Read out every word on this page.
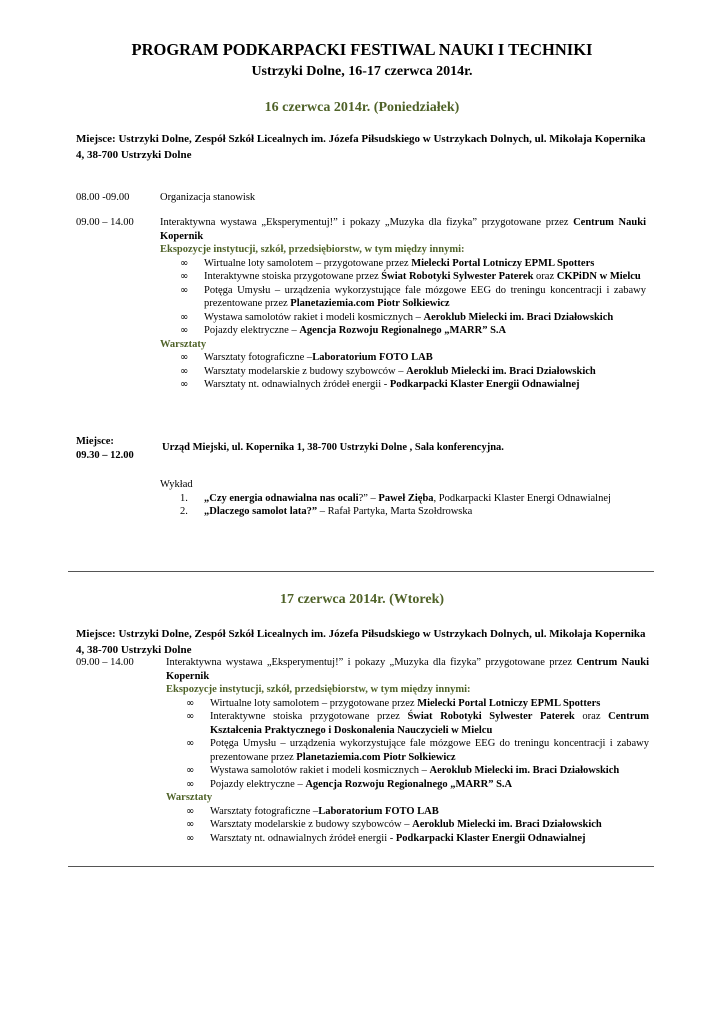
PROGRAM PODKARPACKI FESTIWAL NAUKI I TECHNIKI
Ustrzyki Dolne, 16-17 czerwca 2014r.
16 czerwca 2014r. (Poniedziałek)
Miejsce: Ustrzyki Dolne, Zespół Szkół Licealnych im. Józefa Piłsudskiego w Ustrzykach Dolnych, ul. Mikołaja Kopernika 4, 38-700 Ustrzyki Dolne
08.00 -09.00	Organizacja stanowisk
09.00 – 14.00	Interaktywna wystawa „Eksperymentuj!” i pokazy „Muzyka dla fizyka” przygotowane przez Centrum Nauki Kopernik
Ekspozycje instytucji, szkół, przedsiębiorstw, w tym między innymi:
∞ Wirtualne loty samolotem – przygotowane przez Mielecki Portal Lotniczy EPML Spotters
∞ Interaktywne stoiska przygotowane przez Świat Robotyki Sylwester Paterek oraz CKPiDN w Mielcu
∞ Potęga Umysłu – urządzenia wykorzystujące fale mózgowe EEG do treningu koncentracji i zabawy prezentowane przez Planetaziemia.com Piotr Sołkiewicz
∞ Wystawa samolotów rakiet i modeli kosmicznych – Aeroklub Mielecki im. Braci Działowskich
∞ Pojazdy elektryczne – Agencja Rozwoju Regionalnego „MARR” S.A
Warsztaty
∞ Warsztaty fotograficzne –Laboratorium FOTO LAB
∞ Warsztaty modelarskie z budowy szybowców – Aeroklub Mielecki im. Braci Działowskich
∞ Warsztaty nt. odnawialnych źródeł energii - Podkarpacki Klaster Energii Odnawialnej
Miejsce:
09.30 – 12.00
Urząd Miejski, ul. Kopernika 1, 38-700 Ustrzyki Dolne , Sala konferencyjna.
Wykład
1. „Czy energia odnawialna nas ocali?” – Paweł Zięba, Podkarpacki Klaster Energi Odnawialnej
2. „Dlaczego samolot lata?” – Rafał Partyka, Marta Szołdrowska
17 czerwca 2014r. (Wtorek)
Miejsce: Ustrzyki Dolne, Zespół Szkół Licealnych im. Józefa Piłsudskiego w Ustrzykach Dolnych, ul. Mikołaja Kopernika 4, 38-700 Ustrzyki Dolne
09.00 – 14.00	Interaktywna wystawa „Eksperymentuj!” i pokazy „Muzyka dla fizyka” przygotowane przez Centrum Nauki Kopernik
Ekspozycje instytucji, szkół, przedsiębiorstw, w tym między innymi:
∞ Wirtualne loty samolotem – przygotowane przez Mielecki Portal Lotniczy EPML Spotters
∞ Interaktywne stoiska przygotowane przez Świat Robotyki Sylwester Paterek oraz Centrum Kształcenia Praktycznego i Doskonalenia Nauczycieli w Mielcu
∞ Potęga Umysłu – urządzenia wykorzystujące fale mózgowe EEG do treningu koncentracji i zabawy prezentowane przez Planetaziemia.com Piotr Sołkiewicz
∞ Wystawa samolotów rakiet i modeli kosmicznych – Aeroklub Mielecki im. Braci Działowskich
∞ Pojazdy elektryczne – Agencja Rozwoju Regionalnego „MARR” S.A
Warsztaty
∞ Warsztaty fotograficzne –Laboratorium FOTO LAB
∞ Warsztaty modelarskie z budowy szybowców – Aeroklub Mielecki im. Braci Działowskich
∞ Warsztaty nt. odnawialnych źródeł energii - Podkarpacki Klaster Energii Odnawialnej
